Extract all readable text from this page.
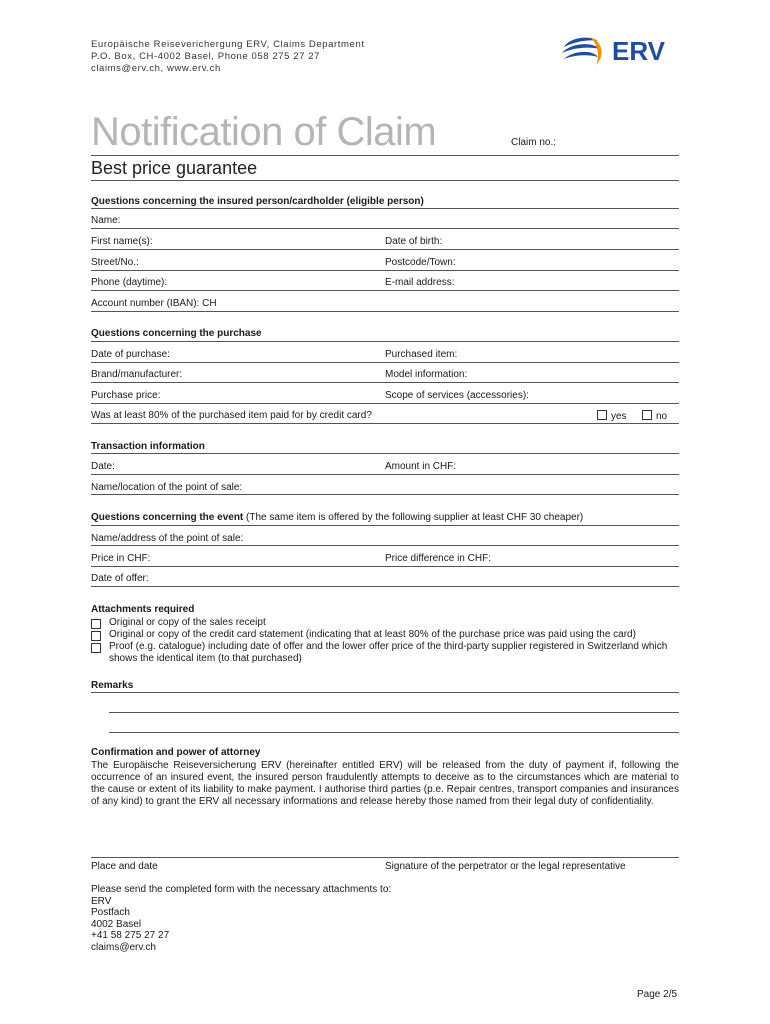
Europäische Reiseverichergung ERV, Claims Department
P.O. Box, CH-4002 Basel, Phone 058 275 27 27
claims@erv.ch, www.erv.ch
ERV
Notification of Claim	Claim no.:
Best price guarantee
Questions concerning the insured person/cardholder (eligible person)
Name:
First name(s):	Date of birth:
Street/No.:	Postcode/Town:
Phone (daytime):	E-mail address:
Account number (IBAN): CH
Questions concerning the purchase
Date of purchase:	Purchased item:
Brand/manufacturer:	Model information:
Purchase price:	Scope of services (accessories):
Was at least 80% of the purchased item paid for by credit card?	yes	no
Transaction information
Date:	Amount in CHF:
Name/location of the point of sale:
Questions concerning the event (The same item is offered by the following supplier at least CHF 30 cheaper)
Name/address of the point of sale:
Price in CHF:	Price difference in CHF:
Date of offer:
Attachments required
Original or copy of the sales receipt
Original or copy of the credit card statement (indicating that at least 80% of the purchase price was paid using the card)
Proof (e.g. catalogue) including date of offer and the lower offer price of the third-party supplier registered in Switzerland which shows the identical item (to that purchased)
Remarks
Confirmation and power of attorney
The Europäische Reiseversicherung ERV (hereinafter entitled ERV) will be released from the duty of payment if, following the occurrence of an insured event, the insured person fraudulently attempts to deceive as to the circumstances which are material to the cause or extent of its liability to make payment. I authorise third parties (p.e. Repair centres, transport companies and insurances of any kind) to grant the ERV all necessary informations and release hereby those named from their legal duty of confidentiality.
Place and date	Signature of the perpetrator or the legal representative
Please send the completed form with the necessary attachments to:
ERV
Postfach
4002 Basel
+41 58 275 27 27
claims@erv.ch
Page 2/5
